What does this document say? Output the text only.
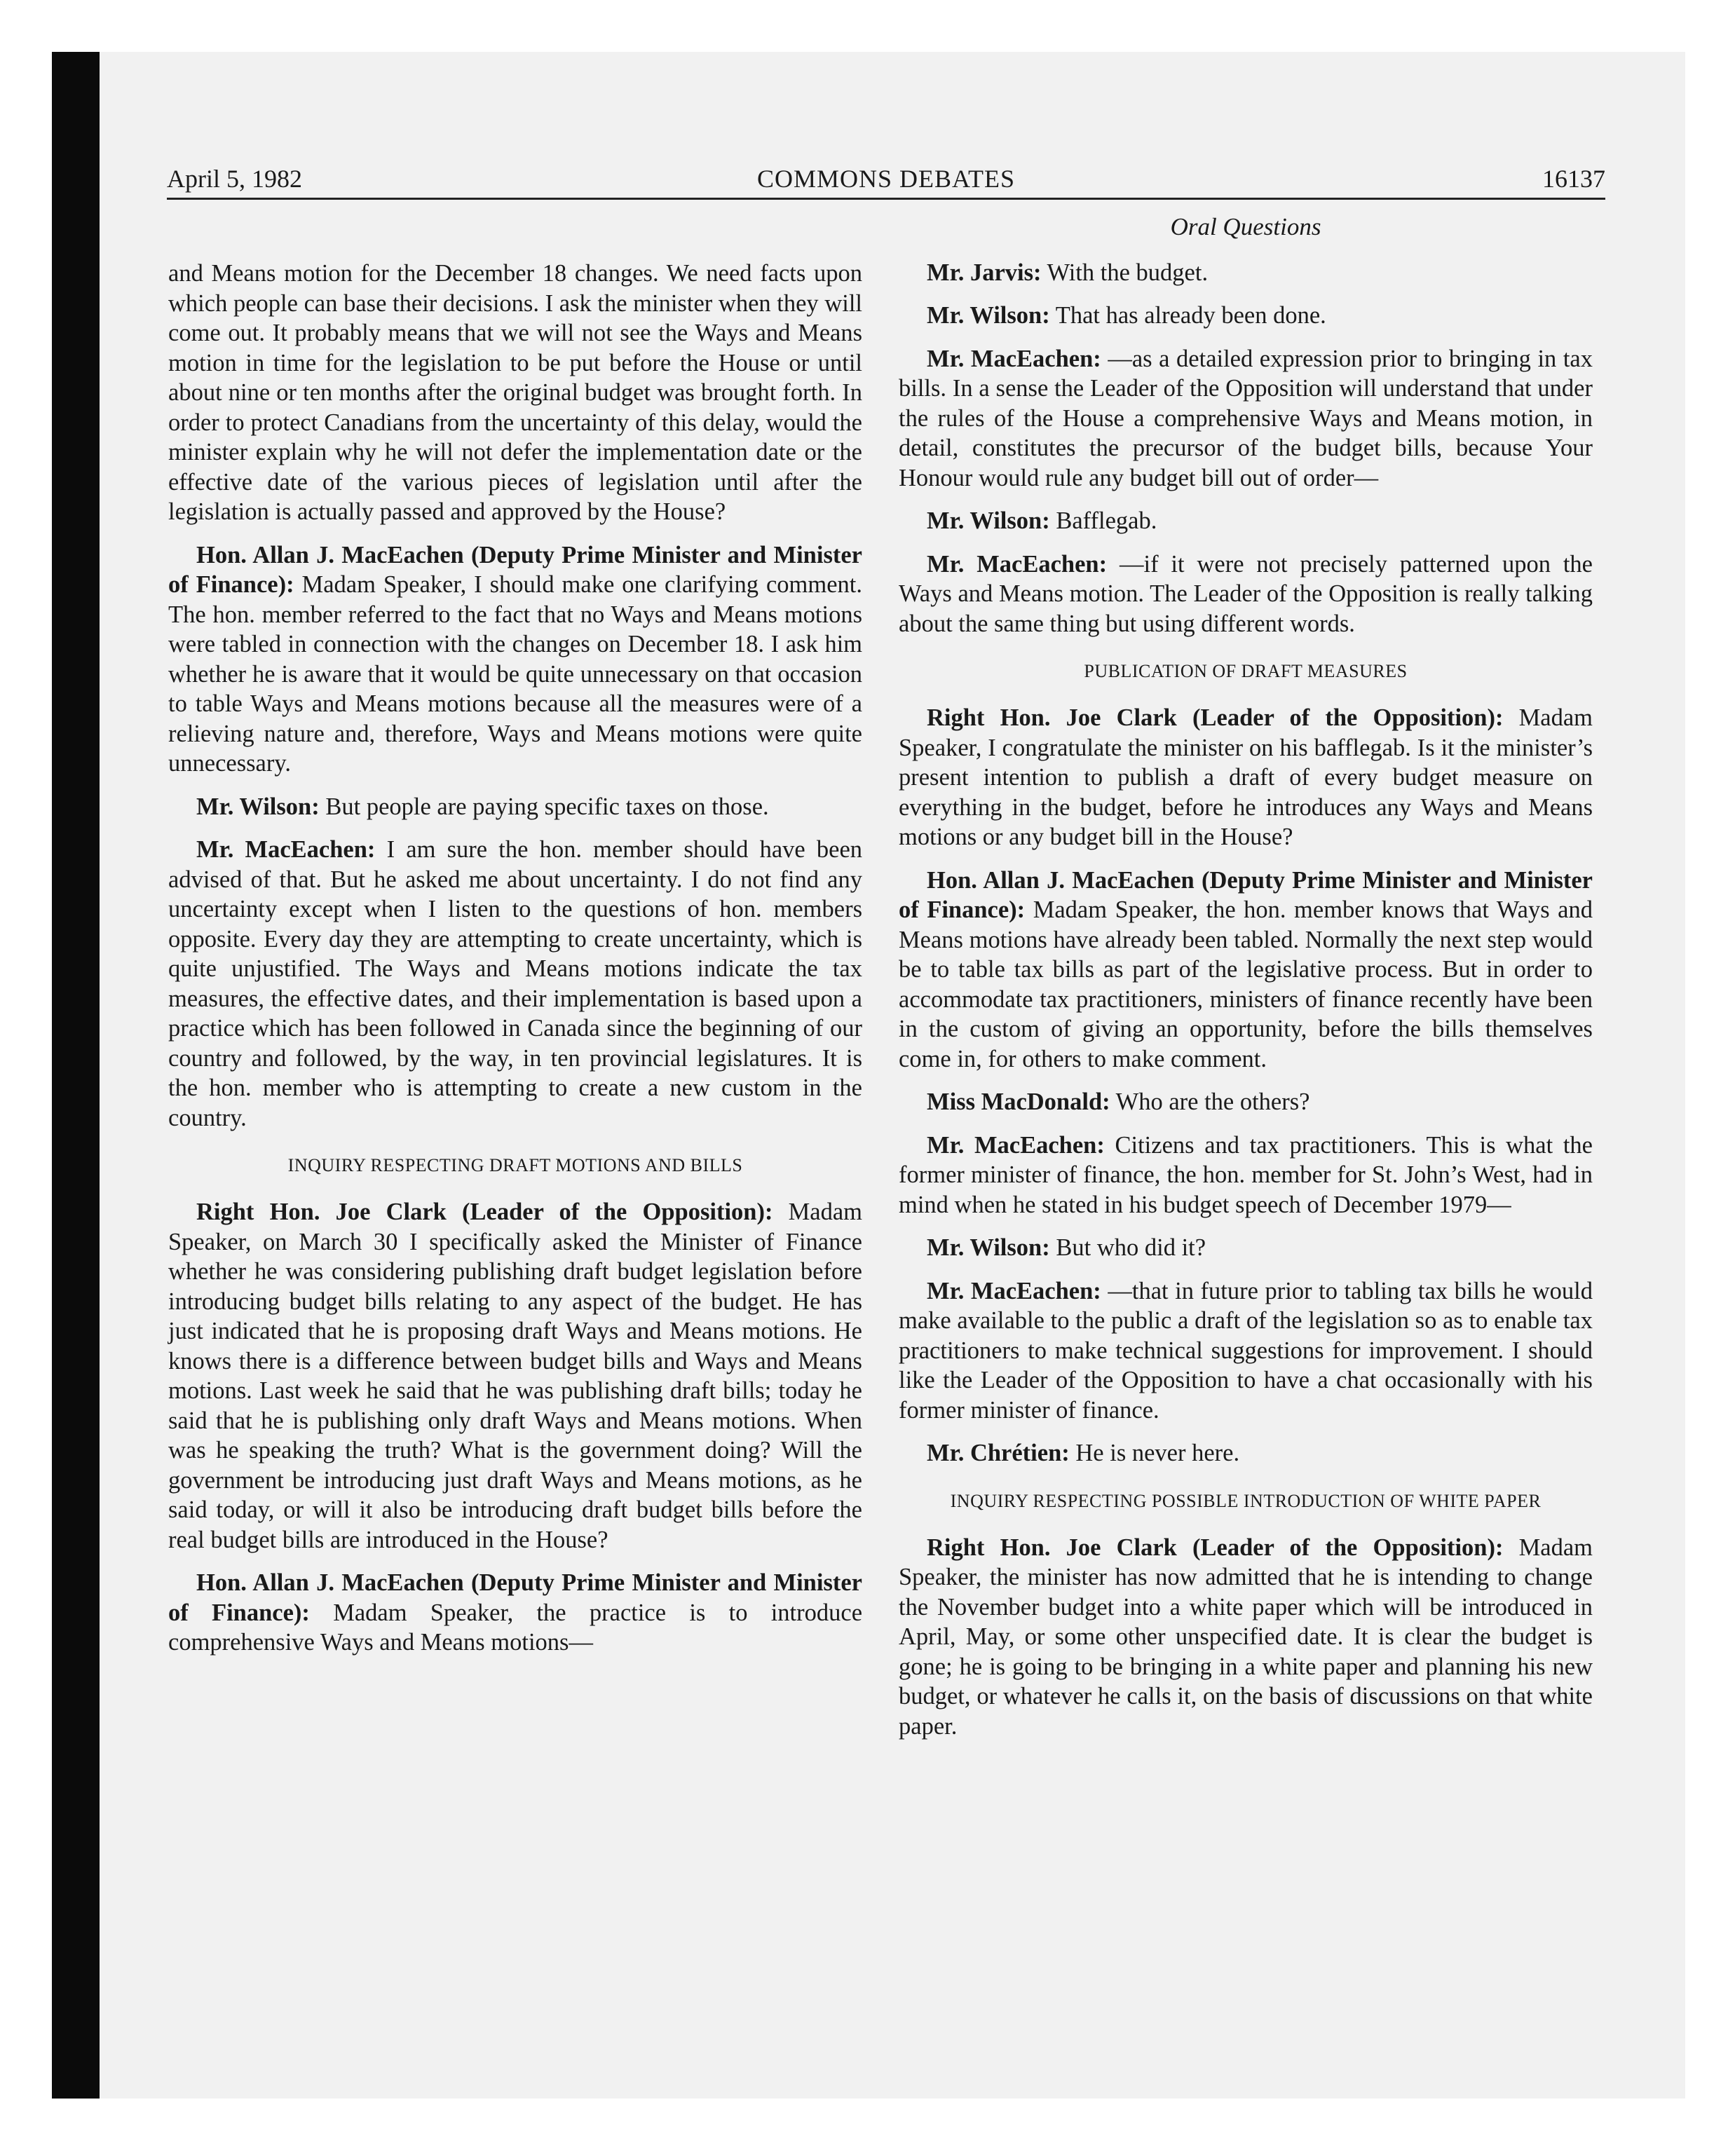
April 5, 1982	COMMONS DEBATES	16137

and Means motion for the December 18 changes. We need facts upon which people can base their decisions. I ask the minister when they will come out. It probably means that we will not see the Ways and Means motion in time for the legislation to be put before the House or until about nine or ten months after the original budget was brought forth. In order to protect Canadians from the uncertainty of this delay, would the minister explain why he will not defer the implementation date or the effective date of the various pieces of legislation until after the legislation is actually passed and approved by the House?

Hon. Allan J. MacEachen (Deputy Prime Minister and Minister of Finance): Madam Speaker, I should make one clarifying comment. The hon. member referred to the fact that no Ways and Means motions were tabled in connection with the changes on December 18. I ask him whether he is aware that it would be quite unnecessary on that occasion to table Ways and Means motions because all the measures were of a relieving nature and, therefore, Ways and Means motions were quite unnecessary.

Mr. Wilson: But people are paying specific taxes on those.

Mr. MacEachen: I am sure the hon. member should have been advised of that. But he asked me about uncertainty. I do not find any uncertainty except when I listen to the questions of hon. members opposite. Every day they are attempting to create uncertainty, which is quite unjustified. The Ways and Means motions indicate the tax measures, the effective dates, and their implementation is based upon a practice which has been followed in Canada since the beginning of our country and followed, by the way, in ten provincial legislatures. It is the hon. member who is attempting to create a new custom in the country.

INQUIRY RESPECTING DRAFT MOTIONS AND BILLS

Right Hon. Joe Clark (Leader of the Opposition): Madam Speaker, on March 30 I specifically asked the Minister of Finance whether he was considering publishing draft budget legislation before introducing budget bills relating to any aspect of the budget. He has just indicated that he is proposing draft Ways and Means motions. He knows there is a difference between budget bills and Ways and Means motions. Last week he said that he was publishing draft bills; today he said that he is publishing only draft Ways and Means motions. When was he speaking the truth? What is the government doing? Will the government be introducing just draft Ways and Means motions, as he said today, or will it also be introducing draft budget bills before the real budget bills are introduced in the House?

Hon. Allan J. MacEachen (Deputy Prime Minister and Minister of Finance): Madam Speaker, the practice is to introduce comprehensive Ways and Means motions—

Oral Questions

Mr. Jarvis: With the budget.

Mr. Wilson: That has already been done.

Mr. MacEachen: —as a detailed expression prior to bringing in tax bills. In a sense the Leader of the Opposition will understand that under the rules of the House a comprehensive Ways and Means motion, in detail, constitutes the precursor of the budget bills, because Your Honour would rule any budget bill out of order—

Mr. Wilson: Bafflegab.

Mr. MacEachen: —if it were not precisely patterned upon the Ways and Means motion. The Leader of the Opposition is really talking about the same thing but using different words.

PUBLICATION OF DRAFT MEASURES

Right Hon. Joe Clark (Leader of the Opposition): Madam Speaker, I congratulate the minister on his bafflegab. Is it the minister’s present intention to publish a draft of every budget measure on everything in the budget, before he introduces any Ways and Means motions or any budget bill in the House?

Hon. Allan J. MacEachen (Deputy Prime Minister and Minister of Finance): Madam Speaker, the hon. member knows that Ways and Means motions have already been tabled. Normally the next step would be to table tax bills as part of the legislative process. But in order to accommodate tax practitioners, ministers of finance recently have been in the custom of giving an opportunity, before the bills themselves come in, for others to make comment.

Miss MacDonald: Who are the others?

Mr. MacEachen: Citizens and tax practitioners. This is what the former minister of finance, the hon. member for St. John’s West, had in mind when he stated in his budget speech of December 1979—

Mr. Wilson: But who did it?

Mr. MacEachen: —that in future prior to tabling tax bills he would make available to the public a draft of the legislation so as to enable tax practitioners to make technical suggestions for improvement. I should like the Leader of the Opposition to have a chat occasionally with his former minister of finance.

Mr. Chrétien: He is never here.

INQUIRY RESPECTING POSSIBLE INTRODUCTION OF WHITE PAPER

Right Hon. Joe Clark (Leader of the Opposition): Madam Speaker, the minister has now admitted that he is intending to change the November budget into a white paper which will be introduced in April, May, or some other unspecified date. It is clear the budget is gone; he is going to be bringing in a white paper and planning his new budget, or whatever he calls it, on the basis of discussions on that white paper.
